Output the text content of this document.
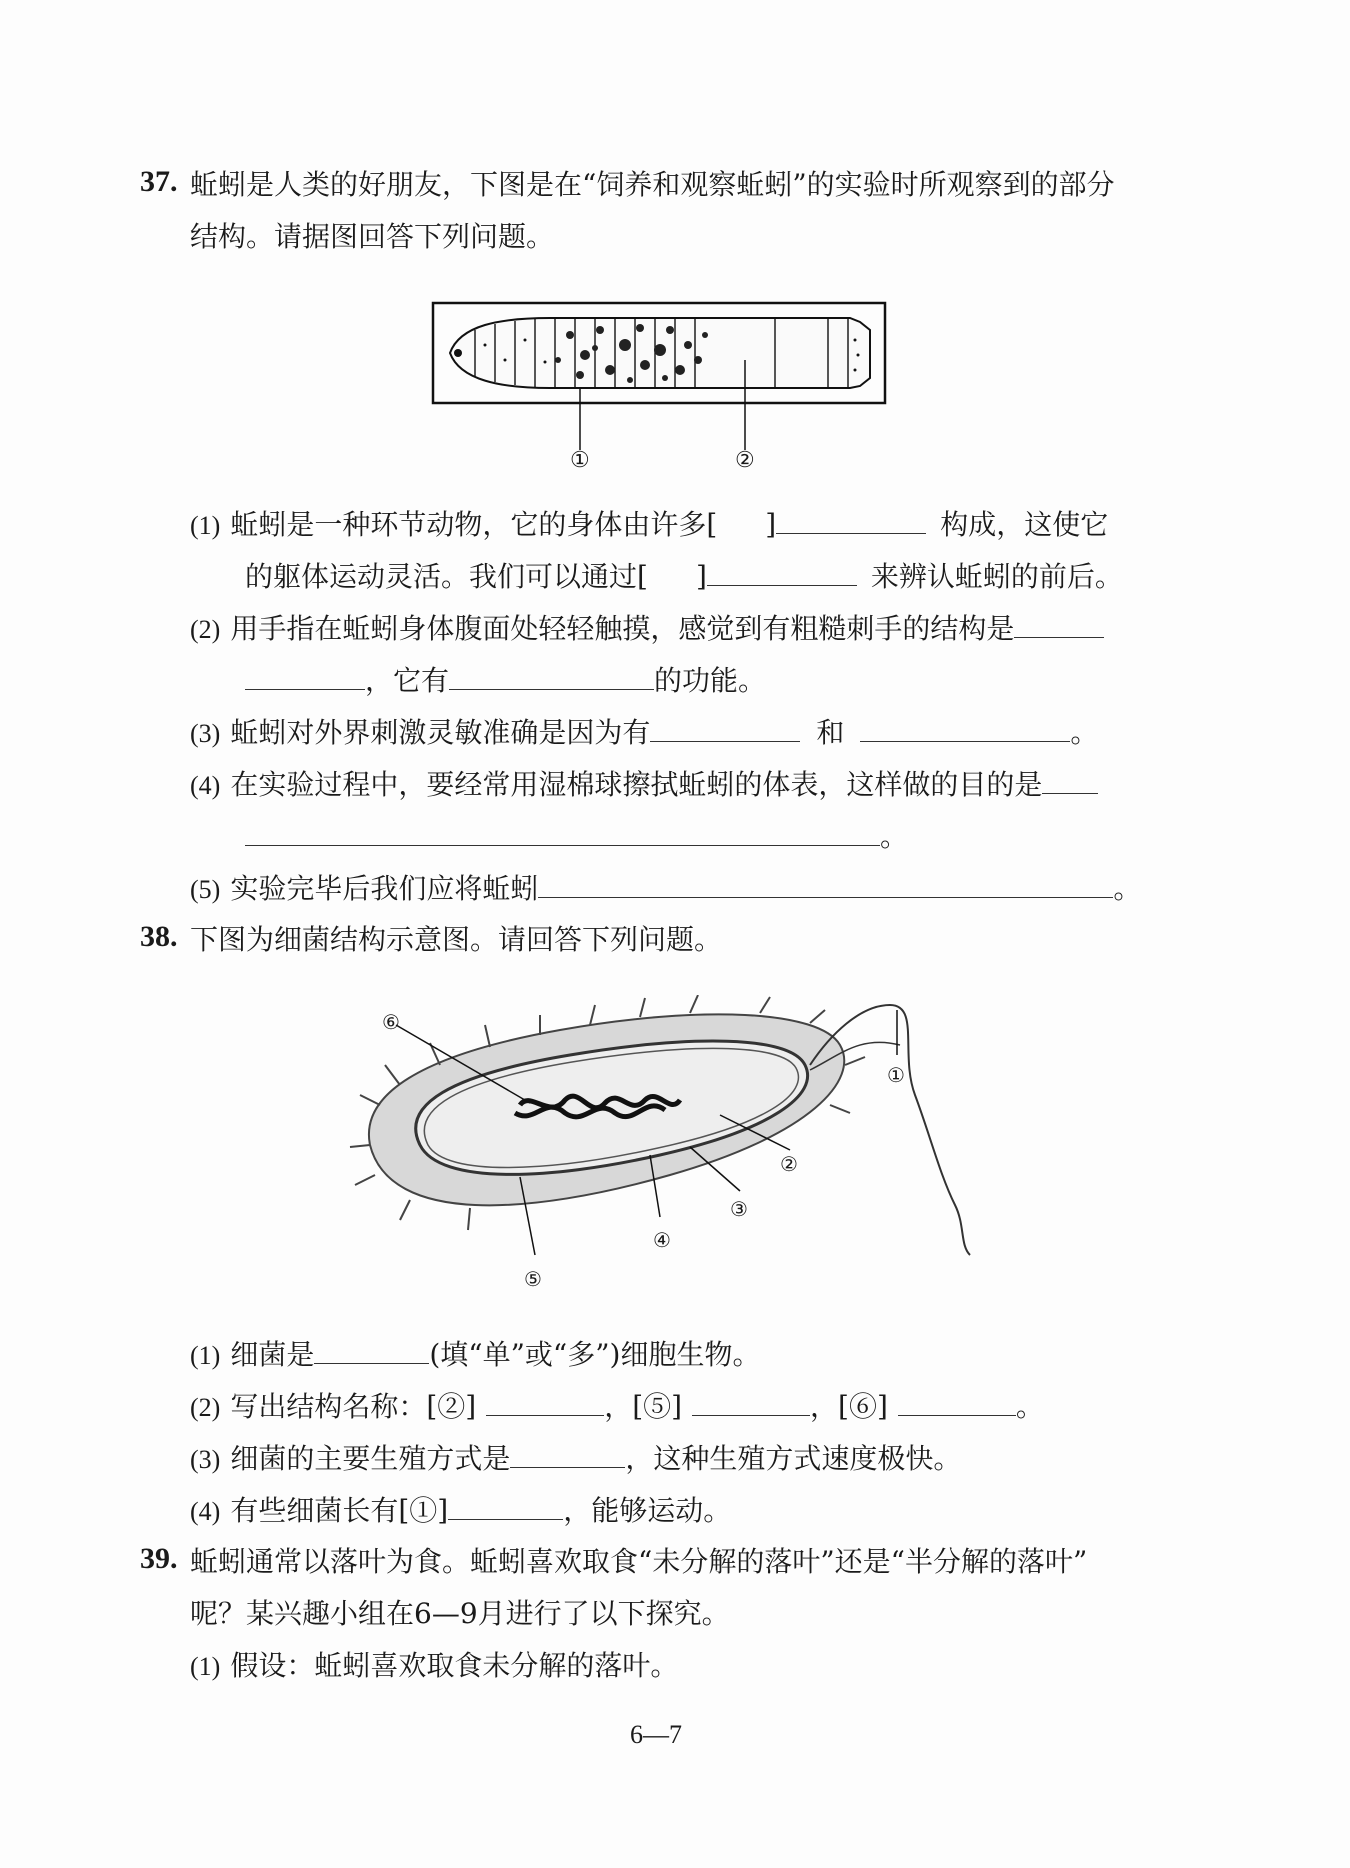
37. 蚯蚓是人类的好朋友，下图是在“饲养和观察蚯蚓”的实验时所观察到的部分
结构。请据图回答下列问题。
①	②
(1) 蚯蚓是一种环节动物，它的身体由许多[ ]	构成，这使它
的躯体运动灵活。我们可以通过[ ]	来辨认蚯蚓的前后。
(2) 用手指在蚯蚓身体腹面处轻轻触摸，感觉到有粗糙刺手的结构是
，它有	的功能。
(3) 蚯蚓对外界刺激灵敏准确是因为有	和	。
(4) 在实验过程中，要经常用湿棉球擦拭蚯蚓的体表，这样做的目的是
。
(5) 实验完毕后我们应将蚯蚓	。
38. 下图为细菌结构示意图。请回答下列问题。
⑥
①
②
③
④
⑤
(1) 细菌是	(填“单”或“多”)细胞生物。
(2) 写出结构名称：[②]	，[⑤]	，[⑥]	。
(3) 细菌的主要生殖方式是	，这种生殖方式速度极快。
(4) 有些细菌长有[①]	，能够运动。
39. 蚯蚓通常以落叶为食。蚯蚓喜欢取食“未分解的落叶”还是“半分解的落叶”
呢？某兴趣小组在6—9月进行了以下探究。
(1) 假设：蚯蚓喜欢取食未分解的落叶。
6—7
